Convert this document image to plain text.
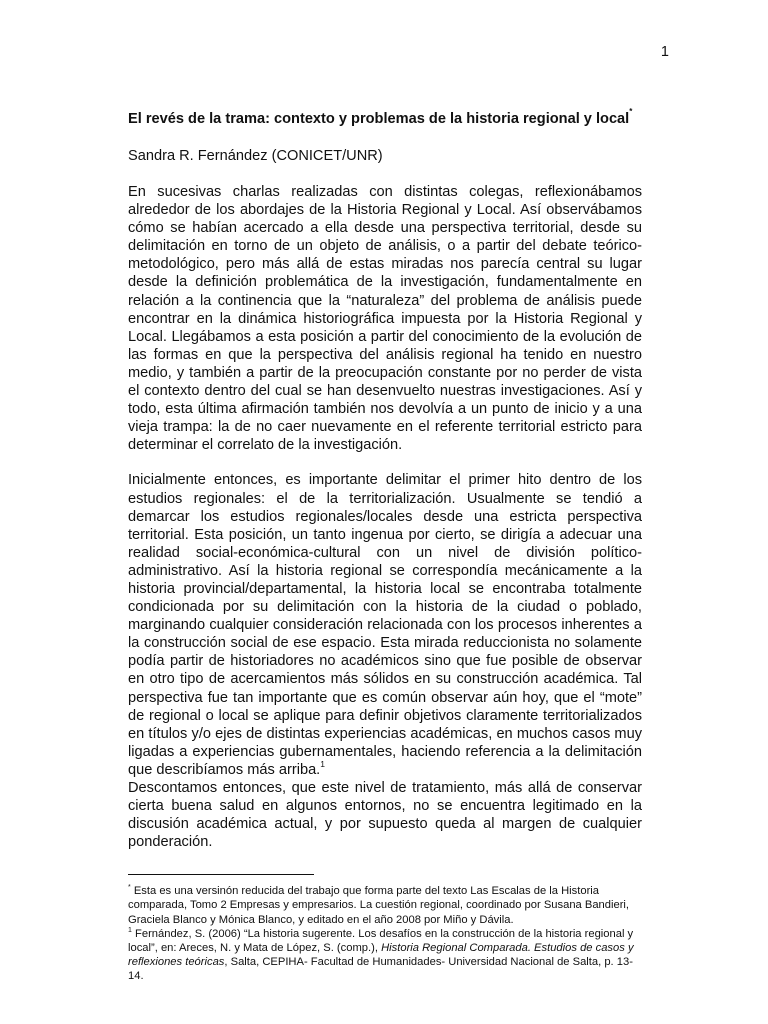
1

El revés de la trama: contexto y problemas de la historia regional y local*

Sandra R. Fernández (CONICET/UNR)

En sucesivas charlas realizadas con distintas colegas, reflexionábamos alrededor de los abordajes de la Historia Regional y Local. Así observábamos cómo se habían acercado a ella desde una perspectiva territorial, desde su delimitación en torno de un objeto de análisis, o a partir del debate teórico-metodológico, pero más allá de estas miradas nos parecía central su lugar desde la definición problemática de la investigación, fundamentalmente en relación a la continencia que la “naturaleza” del problema de análisis puede encontrar en la dinámica historiográfica impuesta por la Historia Regional y Local. Llegábamos a esta posición a partir del conocimiento de la evolución de las formas en que la perspectiva del análisis regional ha tenido en nuestro medio, y también a partir de la preocupación constante por no perder de vista el contexto dentro del cual se han desenvuelto nuestras investigaciones. Así y todo, esta última afirmación también nos devolvía a un punto de inicio y a una vieja trampa: la de no caer nuevamente en el referente territorial estricto para determinar el correlato de la investigación.

Inicialmente entonces, es importante delimitar el primer hito dentro de los estudios regionales: el de la territorialización. Usualmente se tendió a demarcar los estudios regionales/locales desde una estricta perspectiva territorial. Esta posición, un tanto ingenua por cierto, se dirigía a adecuar una realidad social-económica-cultural con un nivel de división político-administrativo. Así la historia regional se correspondía mecánicamente a la historia provincial/departamental, la historia local se encontraba totalmente condicionada por su delimitación con la historia de la ciudad o poblado, marginando cualquier consideración relacionada con los procesos inherentes a la construcción social de ese espacio. Esta mirada reduccionista no solamente podía partir de historiadores no académicos sino que fue posible de observar en otro tipo de acercamientos más sólidos en su construcción académica. Tal perspectiva fue tan importante que es común observar aún hoy, que el “mote” de regional o local se aplique para definir objetivos claramente territorializados en títulos y/o ejes de distintas experiencias académicas, en muchos casos muy ligadas a experiencias gubernamentales, haciendo referencia a la delimitación que describíamos más arriba.$^1$

Descontamos entonces, que este nivel de tratamiento, más allá de conservar cierta buena salud en algunos entornos, no se encuentra legitimado en la discusión académica actual, y por supuesto queda al margen de cualquier ponderación.

* Esta es una versinón reducida del trabajo que forma parte del texto Las Escalas de la Historia comparada, Tomo 2 Empresas y empresarios. La cuestión regional, coordinado por Susana Bandieri, Graciela Blanco y Mónica Blanco, y editado en el año 2008 por Miño y Dávila.

$^1$ Fernández, S. (2006) “La historia sugerente. Los desafíos en la construcción de la historia regional y local”, en: Areces, N. y Mata de López, S. (comp.), Historia Regional Comparada. Estudios de casos y reflexiones teóricas, Salta, CEPIHA- Facultad de Humanidades- Universidad Nacional de Salta, p. 13-14.
